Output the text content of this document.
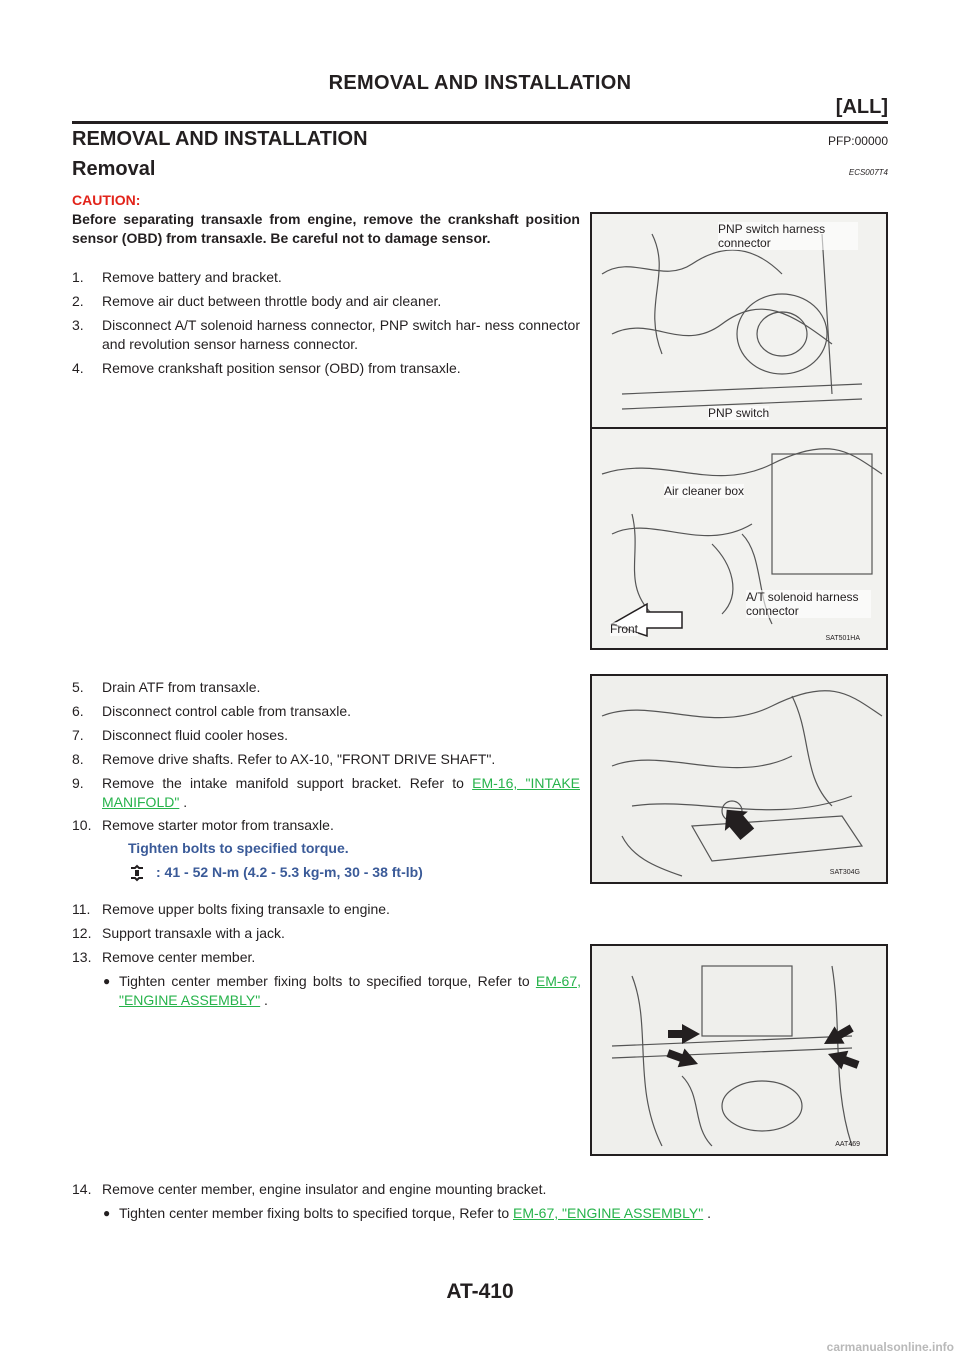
REMOVAL AND INSTALLATION
[ALL]
REMOVAL AND INSTALLATION	PFP:00000
Removal	ECS007T4
CAUTION:
Before separating transaxle from engine, remove the crankshaft position sensor (OBD) from transaxle. Be careful not to damage sensor.
1. Remove battery and bracket.
2. Remove air duct between throttle body and air cleaner.
3. Disconnect A/T solenoid harness connector, PNP switch har- ness connector and revolution sensor harness connector.
4. Remove crankshaft position sensor (OBD) from transaxle.
PNP switch harness connector
PNP switch
Air cleaner box
A/T solenoid harness connector
Front
SAT501HA
5. Drain ATF from transaxle.
6. Disconnect control cable from transaxle.
7. Disconnect fluid cooler hoses.
8. Remove drive shafts. Refer to AX-10, "FRONT DRIVE SHAFT".
9. Remove the intake manifold support bracket. Refer to EM-16, "INTAKE MANIFOLD" .
10. Remove starter motor from transaxle.
Tighten bolts to specified torque.
: 41 - 52 N-m (4.2 - 5.3 kg-m, 30 - 38 ft-lb)	SAT304G
11. Remove upper bolts fixing transaxle to engine.
12. Support transaxle with a jack.
13. Remove center member.
● Tighten center member fixing bolts to specified torque, Refer to EM-67, "ENGINE ASSEMBLY" .
AAT469
14. Remove center member, engine insulator and engine mounting bracket.
● Tighten center member fixing bolts to specified torque, Refer to EM-67, "ENGINE ASSEMBLY" .
AT-410
carmanualsonline.info
